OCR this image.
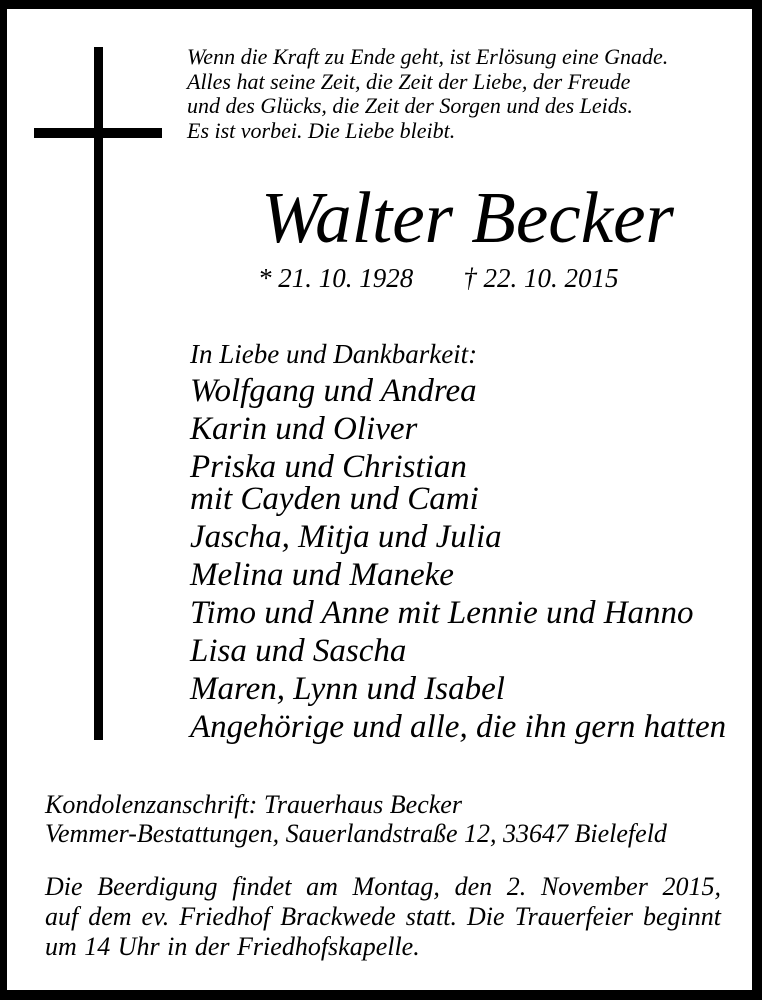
Wenn die Kraft zu Ende geht, ist Erlösung eine Gnade.
Alles hat seine Zeit, die Zeit der Liebe, der Freude
und des Glücks, die Zeit der Sorgen und des Leids.
Es ist vorbei. Die Liebe bleibt.
Walter Becker
* 21. 10. 1928 † 22. 10. 2015
In Liebe und Dankbarkeit:
Wolfgang und Andrea
Karin und Oliver
Priska und Christian
mit Cayden und Cami
Jascha, Mitja und Julia
Melina und Maneke
Timo und Anne mit Lennie und Hanno
Lisa und Sascha
Maren, Lynn und Isabel
Angehörige und alle, die ihn gern hatten
Kondolenzanschrift: Trauerhaus Becker
Vemmer-Bestattungen, Sauerlandstraße 12, 33647 Bielefeld
Die Beerdigung findet am Montag, den 2. November 2015,
auf dem ev. Friedhof Brackwede statt. Die Trauerfeier beginnt
um 14 Uhr in der Friedhofskapelle.
